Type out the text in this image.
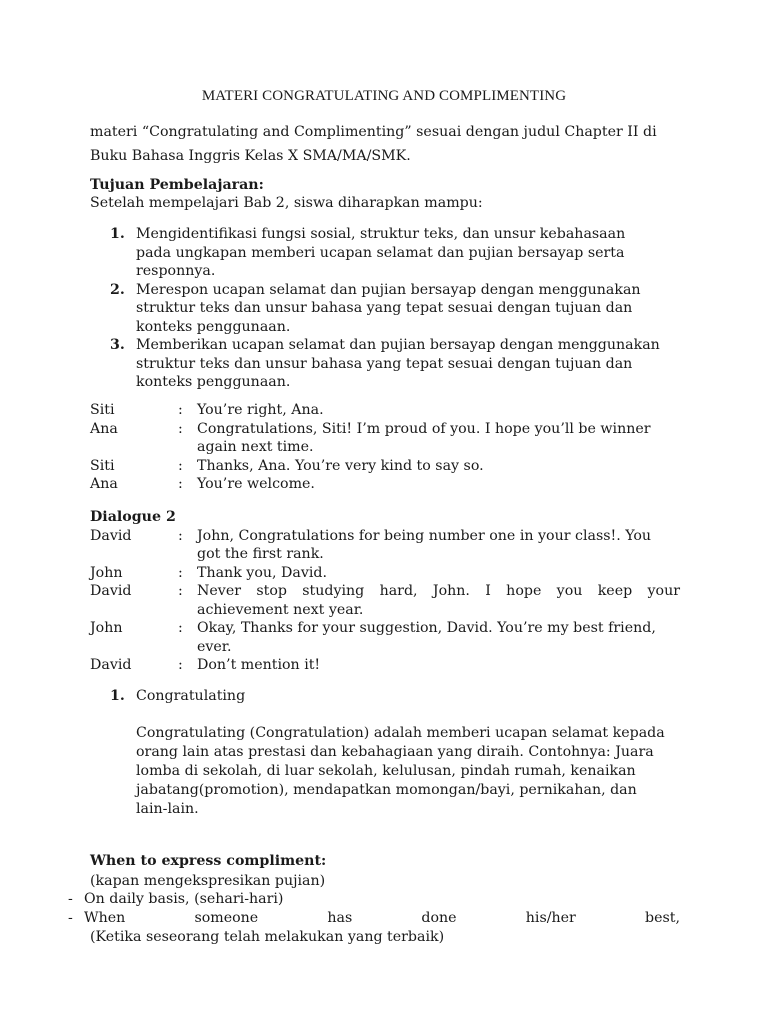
MATERI CONGRATULATING AND COMPLIMENTING
materi “Congratulating and Complimenting” sesuai dengan judul Chapter II di
Buku Bahasa Inggris Kelas X SMA/MA/SMK.
Tujuan Pembelajaran:
Setelah mempelajari Bab 2, siswa diharapkan mampu:
1. Mengidentifikasi fungsi sosial, struktur teks, dan unsur kebahasaan
pada ungkapan memberi ucapan selamat dan pujian bersayap serta
responnya.
2. Merespon ucapan selamat dan pujian bersayap dengan menggunakan
struktur teks dan unsur bahasa yang tepat sesuai dengan tujuan dan
konteks penggunaan.
3. Memberikan ucapan selamat dan pujian bersayap dengan menggunakan
struktur teks dan unsur bahasa yang tepat sesuai dengan tujuan dan
konteks penggunaan.
Siti	:	You’re right, Ana.
Ana	:	Congratulations, Siti! I’m proud of you. I hope you’ll be winner
again next time.
Siti	:	Thanks, Ana. You’re very kind to say so.
Ana	:	You’re welcome.
Dialogue 2
David	:	John, Congratulations for being number one in your class!. You
got the first rank.
John	:	Thank you, David.
David	:	Never stop studying hard, John. I hope you keep your
achievement next year.
John	:	Okay, Thanks for your suggestion, David. You’re my best friend,
ever.
David	:	Don’t mention it!
1. Congratulating
Congratulating (Congratulation) adalah memberi ucapan selamat kepada
orang lain atas prestasi dan kebahagiaan yang diraih. Contohnya: Juara
lomba di sekolah, di luar sekolah, kelulusan, pindah rumah, kenaikan
jabatang(promotion), mendapatkan momongan/bayi, pernikahan, dan
lain-lain.
When to express compliment:
(kapan mengekspresikan pujian)
- On daily basis, (sehari-hari)
- When	someone	has	done	his/her	best,
(Ketika seseorang telah melakukan yang terbaik)
